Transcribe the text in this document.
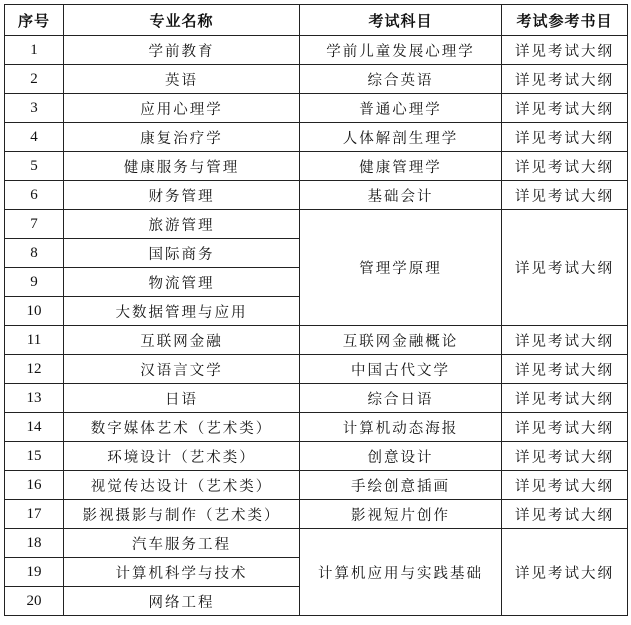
序号	专业名称	考试科目	考试参考书目
1	学前教育	学前儿童发展心理学	详见考试大纲
2	英语	综合英语	详见考试大纲
3	应用心理学	普通心理学	详见考试大纲
4	康复治疗学	人体解剖生理学	详见考试大纲
5	健康服务与管理	健康管理学	详见考试大纲
6	财务管理	基础会计	详见考试大纲
7	旅游管理	管理学原理	详见考试大纲
8	国际商务		
9	物流管理		
10	大数据管理与应用		
11	互联网金融	互联网金融概论	详见考试大纲
12	汉语言文学	中国古代文学	详见考试大纲
13	日语	综合日语	详见考试大纲
14	数字媒体艺术（艺术类）	计算机动态海报	详见考试大纲
15	环境设计（艺术类）	创意设计	详见考试大纲
16	视觉传达设计（艺术类）	手绘创意插画	详见考试大纲
17	影视摄影与制作（艺术类）	影视短片创作	详见考试大纲
18	汽车服务工程	计算机应用与实践基础	详见考试大纲
19	计算机科学与技术		
20	网络工程		
